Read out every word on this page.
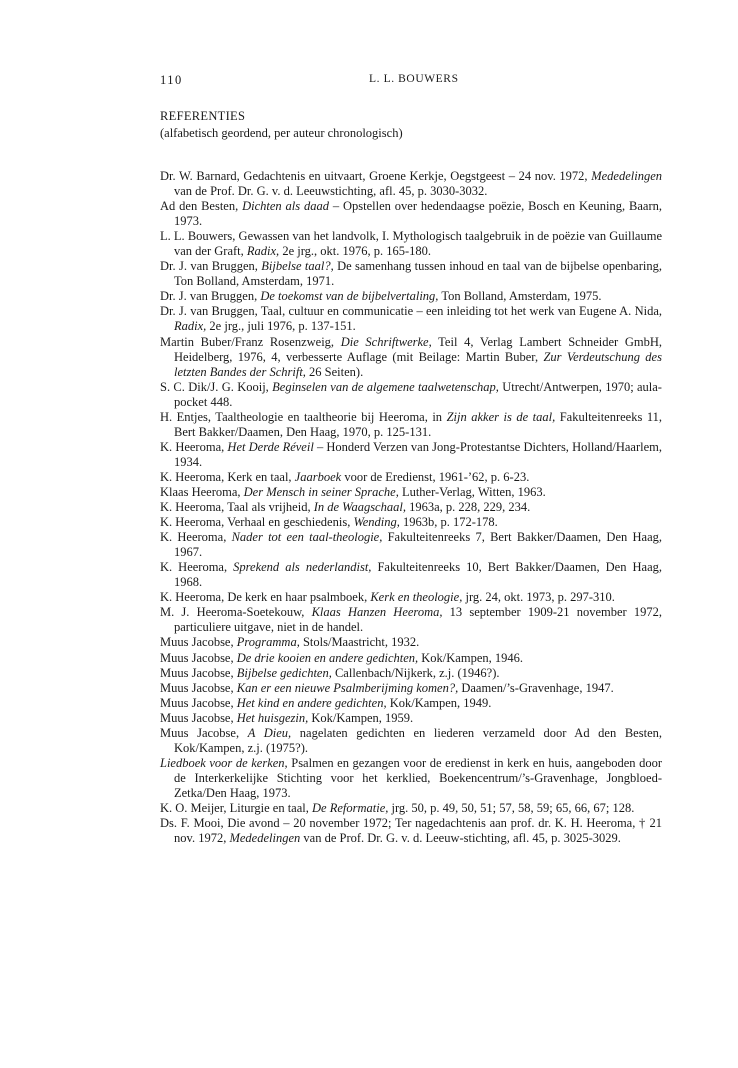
110	L. L. BOUWERS
REFERENTIES
(alfabetisch geordend, per auteur chronologisch)
Dr. W. Barnard, Gedachtenis en uitvaart, Groene Kerkje, Oegstgeest – 24 nov. 1972, Mededelingen van de Prof. Dr. G. v. d. Leeuwstichting, afl. 45, p. 3030-3032.
Ad den Besten, Dichten als daad – Opstellen over hedendaagse poëzie, Bosch en Keuning, Baarn, 1973.
L. L. Bouwers, Gewassen van het landvolk, I. Mythologisch taalgebruik in de poëzie van Guillaume van der Graft, Radix, 2e jrg., okt. 1976, p. 165-180.
Dr. J. van Bruggen, Bijbelse taal?, De samenhang tussen inhoud en taal van de bijbelse openbaring, Ton Bolland, Amsterdam, 1971.
Dr. J. van Bruggen, De toekomst van de bijbelvertaling, Ton Bolland, Amsterdam, 1975.
Dr. J. van Bruggen, Taal, cultuur en communicatie – een inleiding tot het werk van Eugene A. Nida, Radix, 2e jrg., juli 1976, p. 137-151.
Martin Buber/Franz Rosenzweig, Die Schriftwerke, Teil 4, Verlag Lambert Schneider GmbH, Heidelberg, 1976, 4, verbesserte Auflage (mit Beilage: Martin Buber, Zur Verdeutschung des letzten Bandes der Schrift, 26 Seiten).
S. C. Dik/J. G. Kooij, Beginselen van de algemene taalwetenschap, Utrecht/Antwerpen, 1970; aula-pocket 448.
H. Entjes, Taaltheologie en taaltheorie bij Heeroma, in Zijn akker is de taal, Fakulteitenreeks 11, Bert Bakker/Daamen, Den Haag, 1970, p. 125-131.
K. Heeroma, Het Derde Réveil – Honderd Verzen van Jong-Protestantse Dichters, Holland/Haarlem, 1934.
K. Heeroma, Kerk en taal, Jaarboek voor de Eredienst, 1961-’62, p. 6-23.
Klaas Heeroma, Der Mensch in seiner Sprache, Luther-Verlag, Witten, 1963.
K. Heeroma, Taal als vrijheid, In de Waagschaal, 1963a, p. 228, 229, 234.
K. Heeroma, Verhaal en geschiedenis, Wending, 1963b, p. 172-178.
K. Heeroma, Nader tot een taal-theologie, Fakulteitenreeks 7, Bert Bakker/Daamen, Den Haag, 1967.
K. Heeroma, Sprekend als nederlandist, Fakulteitenreeks 10, Bert Bakker/Daamen, Den Haag, 1968.
K. Heeroma, De kerk en haar psalmboek, Kerk en theologie, jrg. 24, okt. 1973, p. 297-310.
M. J. Heeroma-Soetekouw, Klaas Hanzen Heeroma, 13 september 1909-21 november 1972, particuliere uitgave, niet in de handel.
Muus Jacobse, Programma, Stols/Maastricht, 1932.
Muus Jacobse, De drie kooien en andere gedichten, Kok/Kampen, 1946.
Muus Jacobse, Bijbelse gedichten, Callenbach/Nijkerk, z.j. (1946?).
Muus Jacobse, Kan er een nieuwe Psalmberijming komen?, Daamen/’s-Gravenhage, 1947.
Muus Jacobse, Het kind en andere gedichten, Kok/Kampen, 1949.
Muus Jacobse, Het huisgezin, Kok/Kampen, 1959.
Muus Jacobse, A Dieu, nagelaten gedichten en liederen verzameld door Ad den Besten, Kok/Kampen, z.j. (1975?).
Liedboek voor de kerken, Psalmen en gezangen voor de eredienst in kerk en huis, aangeboden door de Interkerkelijke Stichting voor het kerklied, Boekencentrum/’s-Gravenhage, Jongbloed-Zetka/Den Haag, 1973.
K. O. Meijer, Liturgie en taal, De Reformatie, jrg. 50, p. 49, 50, 51; 57, 58, 59; 65, 66, 67; 128.
Ds. F. Mooi, Die avond – 20 november 1972; Ter nagedachtenis aan prof. dr. K. H. Heeroma, † 21 nov. 1972, Mededelingen van de Prof. Dr. G. v. d. Leeuw-stichting, afl. 45, p. 3025-3029.
